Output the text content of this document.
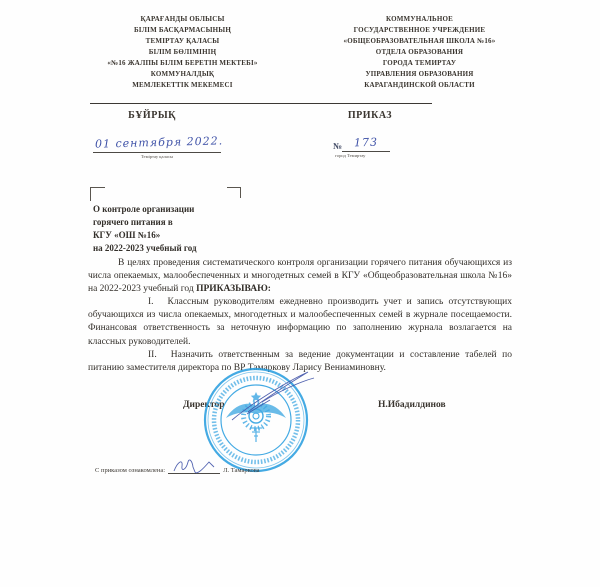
ҚАРАҒАНДЫ ОБЛЫСЫ
БІЛІМ БАСҚАРМАСЫНЫҢ
ТЕМІРТАУ ҚАЛАСЫ
БІЛІМ БӨЛІМІНІҢ
«№16 ЖАЛПЫ БІЛІМ БЕРЕТІН МЕКТЕБІ»
КОММУНАЛДЫҚ
МЕМЛЕКЕТТІК МЕКЕМЕСІ
КОММУНАЛЬНОЕ
ГОСУДАРСТВЕННОЕ УЧРЕЖДЕНИЕ
«ОБЩЕОБРАЗОВАТЕЛЬНАЯ ШКОЛА №16»
ОТДЕЛА ОБРАЗОВАНИЯ
ГОРОДА ТЕМИРТАУ
УПРАВЛЕНИЯ ОБРАЗОВАНИЯ
КАРАГАНДИНСКОЙ ОБЛАСТИ
БҰЙРЫҚ	ПРИКАЗ
01 сентября 2022.
Теміртау қаласы
№	173
город Темиртау
О контроле организации
горячего питания в
КГУ «ОШ №16»
на 2022-2023 учебный год

В целях проведения систематического контроля организации горячего питания обучающихся из числа опекаемых, малообеспеченных и многодетных семей в КГУ «Общеобразовательная школа №16» на 2022-2023 учебный год ПРИКАЗЫВАЮ:

I. Классным руководителям ежедневно производить учет и запись отсутствующих обучающихся из числа опекаемых, многодетных и малообеспеченных семей в журнале посещаемости. Финансовая ответственность за неточную информацию по заполнению журнала возлагается на классных руководителей.

II. Назначить ответственным за ведение документации и составление табелей по питанию заместителя директора по ВР Тамаркову Ларису Вениаминовну.

Директор	Н.Ибадилдинов
С приказом ознакомлена:	Л. Тамаркова
